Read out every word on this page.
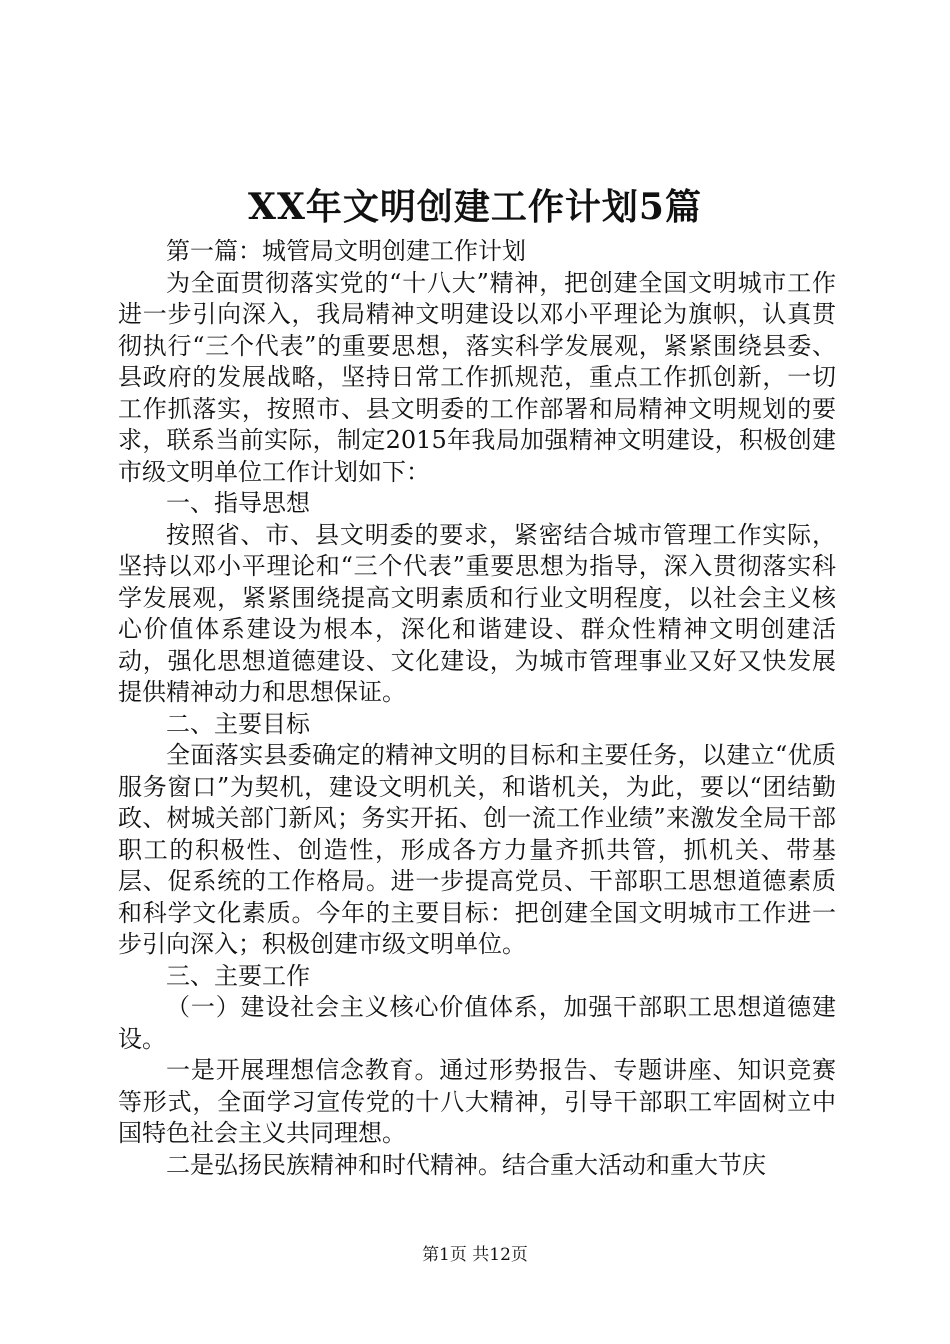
XX年文明创建工作计划5篇

第一篇：城管局文明创建工作计划

为全面贯彻落实党的“十八大”精神，把创建全国文明城市工作进一步引向深入，我局精神文明建设以邓小平理论为旗帜，认真贯彻执行“三个代表”的重要思想，落实科学发展观，紧紧围绕县委、县政府的发展战略，坚持日常工作抓规范，重点工作抓创新，一切工作抓落实，按照市、县文明委的工作部署和局精神文明规划的要求，联系当前实际，制定2015年我局加强精神文明建设，积极创建市级文明单位工作计划如下：

一、指导思想

按照省、市、县文明委的要求，紧密结合城市管理工作实际，坚持以邓小平理论和“三个代表”重要思想为指导，深入贯彻落实科学发展观，紧紧围绕提高文明素质和行业文明程度，以社会主义核心价值体系建设为根本，深化和谐建设、群众性精神文明创建活动，强化思想道德建设、文化建设，为城市管理事业又好又快发展提供精神动力和思想保证。

二、主要目标

全面落实县委确定的精神文明的目标和主要任务，以建立“优质服务窗口”为契机，建设文明机关，和谐机关，为此，要以“团结勤政、树城关部门新风；务实开拓、创一流工作业绩”来激发全局干部职工的积极性、创造性，形成各方力量齐抓共管，抓机关、带基层、促系统的工作格局。进一步提高党员、干部职工思想道德素质和科学文化素质。今年的主要目标：把创建全国文明城市工作进一步引向深入；积极创建市级文明单位。

三、主要工作

（一）建设社会主义核心价值体系，加强干部职工思想道德建设。

一是开展理想信念教育。通过形势报告、专题讲座、知识竞赛等形式，全面学习宣传党的十八大精神，引导干部职工牢固树立中国特色社会主义共同理想。

二是弘扬民族精神和时代精神。结合重大活动和重大节庆

第1页 共12页
